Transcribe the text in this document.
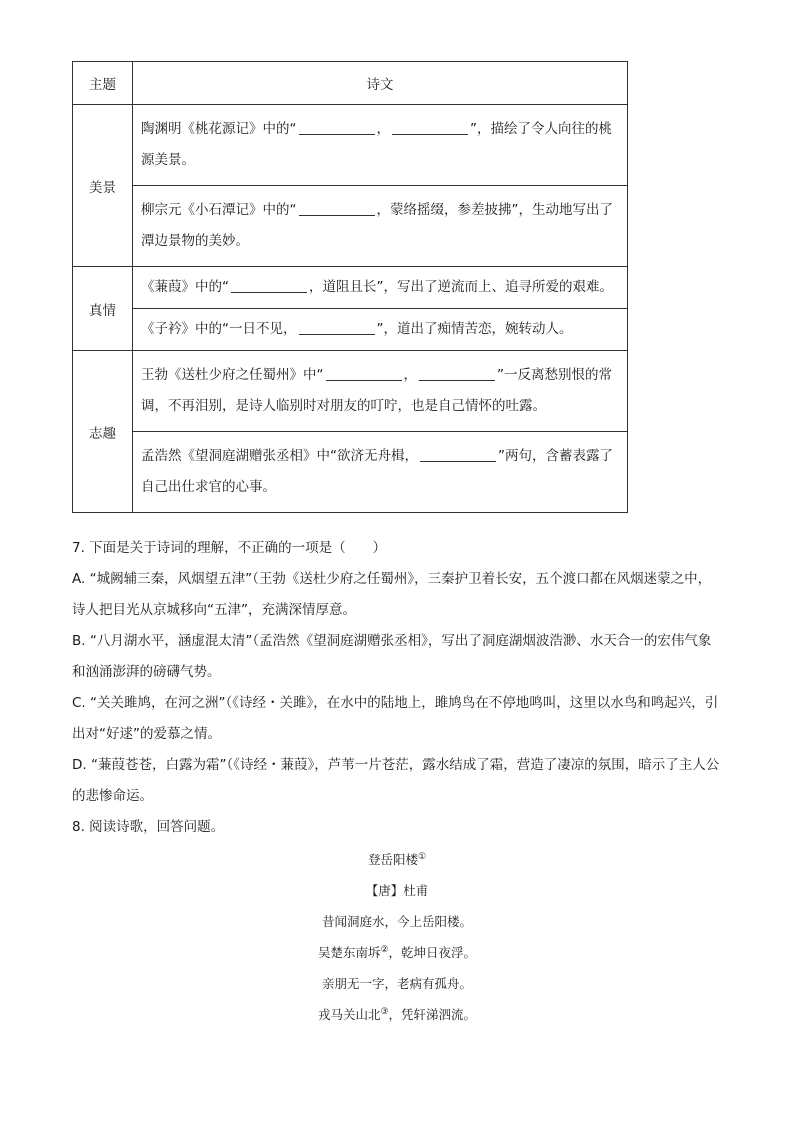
主题	诗文
美景	陶渊明《桃花源记》中的“ ， ”，描绘了令人向往的桃源美景。
	柳宗元《小石潭记》中的“ ，蒙络摇缀，参差披拂”，生动地写出了潭边景物的美妙。
真情	《蒹葭》中的“ ，道阻且长”，写出了逆流而上、追寻所爱的艰难。
	《子衿》中的“一日不见， ”，道出了痴情苦恋，婉转动人。
志趣	王勃《送杜少府之任蜀州》中“ ， ”一反离愁别恨的常调，不再泪别，是诗人临别时对朋友的叮咛，也是自己情怀的吐露。
	孟浩然《望洞庭湖赠张丞相》中“欲济无舟楫， ”两句，含蓄表露了自己出仕求官的心事。
7. 下面是关于诗词的理解，不正确的一项是（　　）
A. “城阙辅三秦，风烟望五津”（王勃《送杜少府之任蜀州》，三秦护卫着长安，五个渡口都在风烟迷蒙之中，诗人把目光从京城移向“五津”，充满深情厚意。
B. “八月湖水平，涵虚混太清”（孟浩然《望洞庭湖赠张丞相》，写出了洞庭湖烟波浩渺、水天合一的宏伟气象和汹涌澎湃的磅礴气势。
C. “关关雎鸠，在河之洲”（《诗经・关雎》，在水中的陆地上，雎鸠鸟在不停地鸣叫，这里以水鸟和鸣起兴，引出对“好逑”的爱慕之情。
D. “蒹葭苍苍，白露为霜”（《诗经・蒹葭》，芦苇一片苍茫，露水结成了霜，营造了凄凉的氛围，暗示了主人公的悲惨命运。
8. 阅读诗歌，回答问题。
登岳阳楼①
【唐】杜甫
昔闻洞庭水，今上岳阳楼。
吴楚东南坼②，乾坤日夜浮。
亲朋无一字，老病有孤舟。
戎马关山北③，凭轩涕泗流。
